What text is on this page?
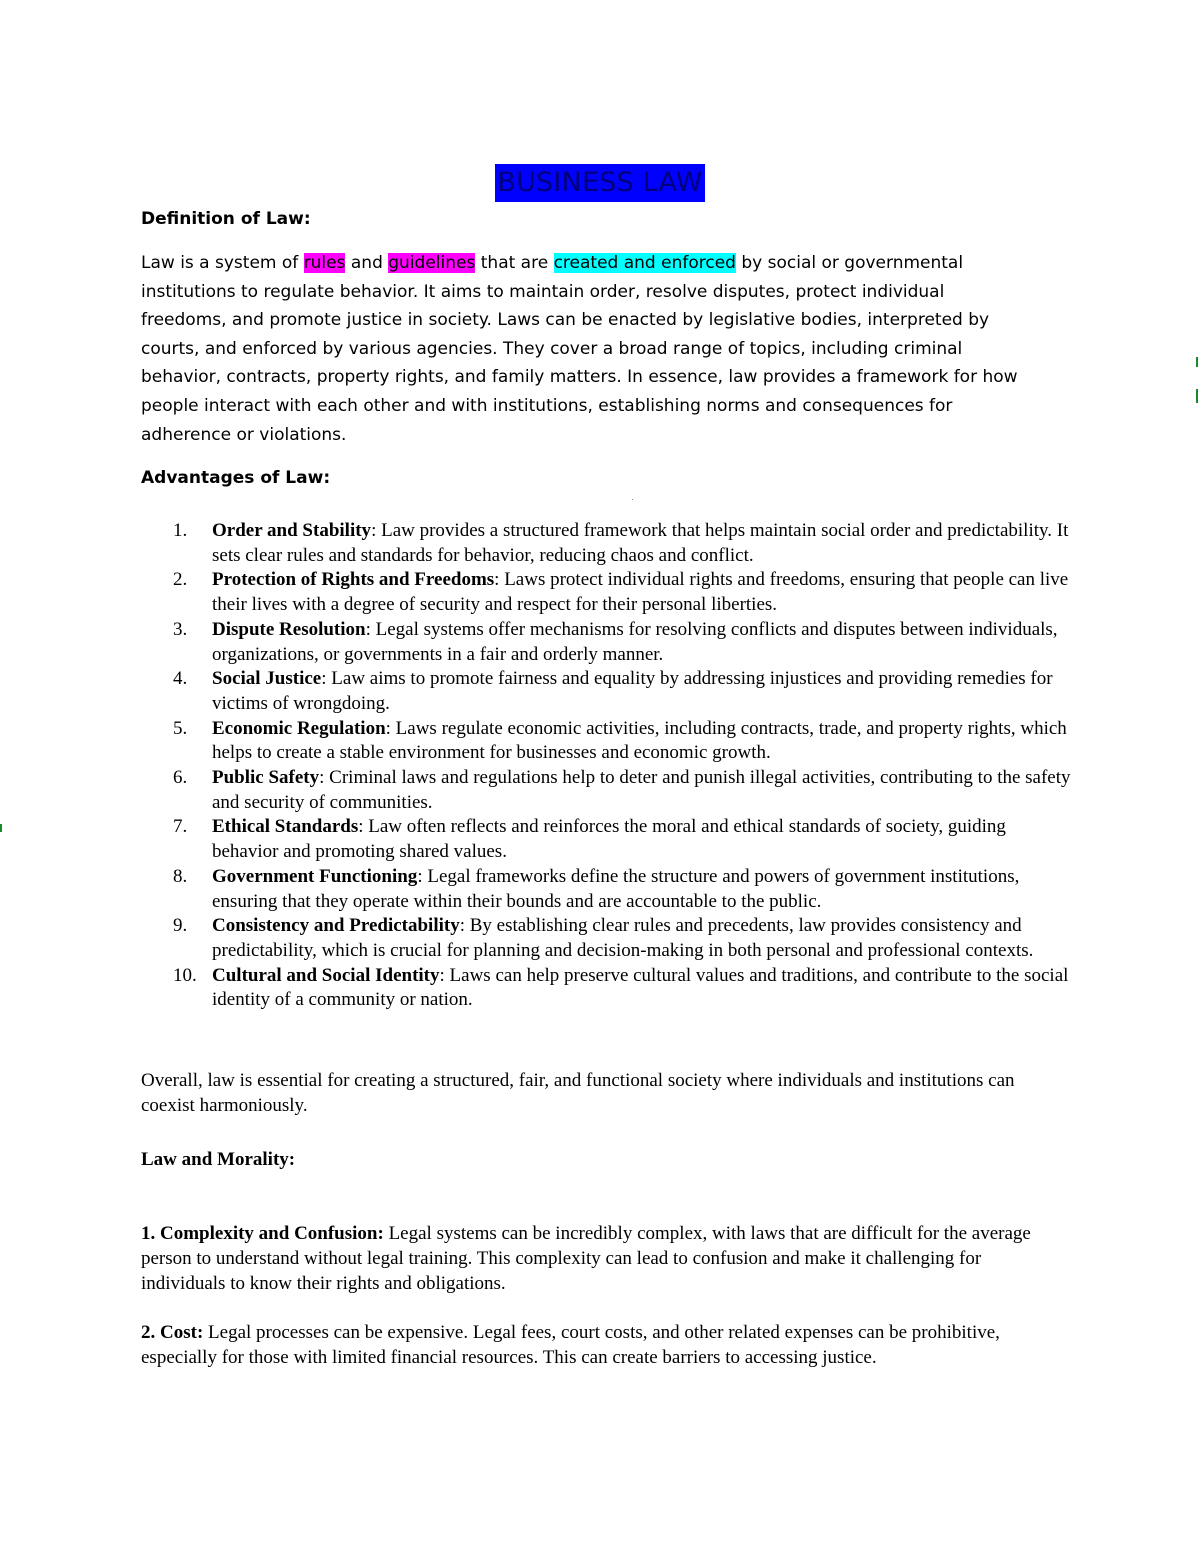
BUSINESS LAW
Definition of Law:
Law is a system of rules and guidelines that are created and enforced by social or governmental institutions to regulate behavior. It aims to maintain order, resolve disputes, protect individual freedoms, and promote justice in society. Laws can be enacted by legislative bodies, interpreted by courts, and enforced by various agencies. They cover a broad range of topics, including criminal behavior, contracts, property rights, and family matters. In essence, law provides a framework for how people interact with each other and with institutions, establishing norms and consequences for adherence or violations.
Advantages of Law:
1.	Order and Stability: Law provides a structured framework that helps maintain social order and predictability. It sets clear rules and standards for behavior, reducing chaos and conflict.
2.	Protection of Rights and Freedoms: Laws protect individual rights and freedoms, ensuring that people can live their lives with a degree of security and respect for their personal liberties.
3.	Dispute Resolution: Legal systems offer mechanisms for resolving conflicts and disputes between individuals, organizations, or governments in a fair and orderly manner.
4.	Social Justice: Law aims to promote fairness and equality by addressing injustices and providing remedies for victims of wrongdoing.
5.	Economic Regulation: Laws regulate economic activities, including contracts, trade, and property rights, which helps to create a stable environment for businesses and economic growth.
6.	Public Safety: Criminal laws and regulations help to deter and punish illegal activities, contributing to the safety and security of communities.
7.	Ethical Standards: Law often reflects and reinforces the moral and ethical standards of society, guiding behavior and promoting shared values.
8.	Government Functioning: Legal frameworks define the structure and powers of government institutions, ensuring that they operate within their bounds and are accountable to the public.
9.	Consistency and Predictability: By establishing clear rules and precedents, law provides consistency and predictability, which is crucial for planning and decision-making in both personal and professional contexts.
10. Cultural and Social Identity: Laws can help preserve cultural values and traditions, and contribute to the social identity of a community or nation.
Overall, law is essential for creating a structured, fair, and functional society where individuals and institutions can coexist harmoniously.
Law and Morality:
1. Complexity and Confusion: Legal systems can be incredibly complex, with laws that are difficult for the average person to understand without legal training. This complexity can lead to confusion and make it challenging for individuals to know their rights and obligations.
2. Cost: Legal processes can be expensive. Legal fees, court costs, and other related expenses can be prohibitive, especially for those with limited financial resources. This can create barriers to accessing justice.
